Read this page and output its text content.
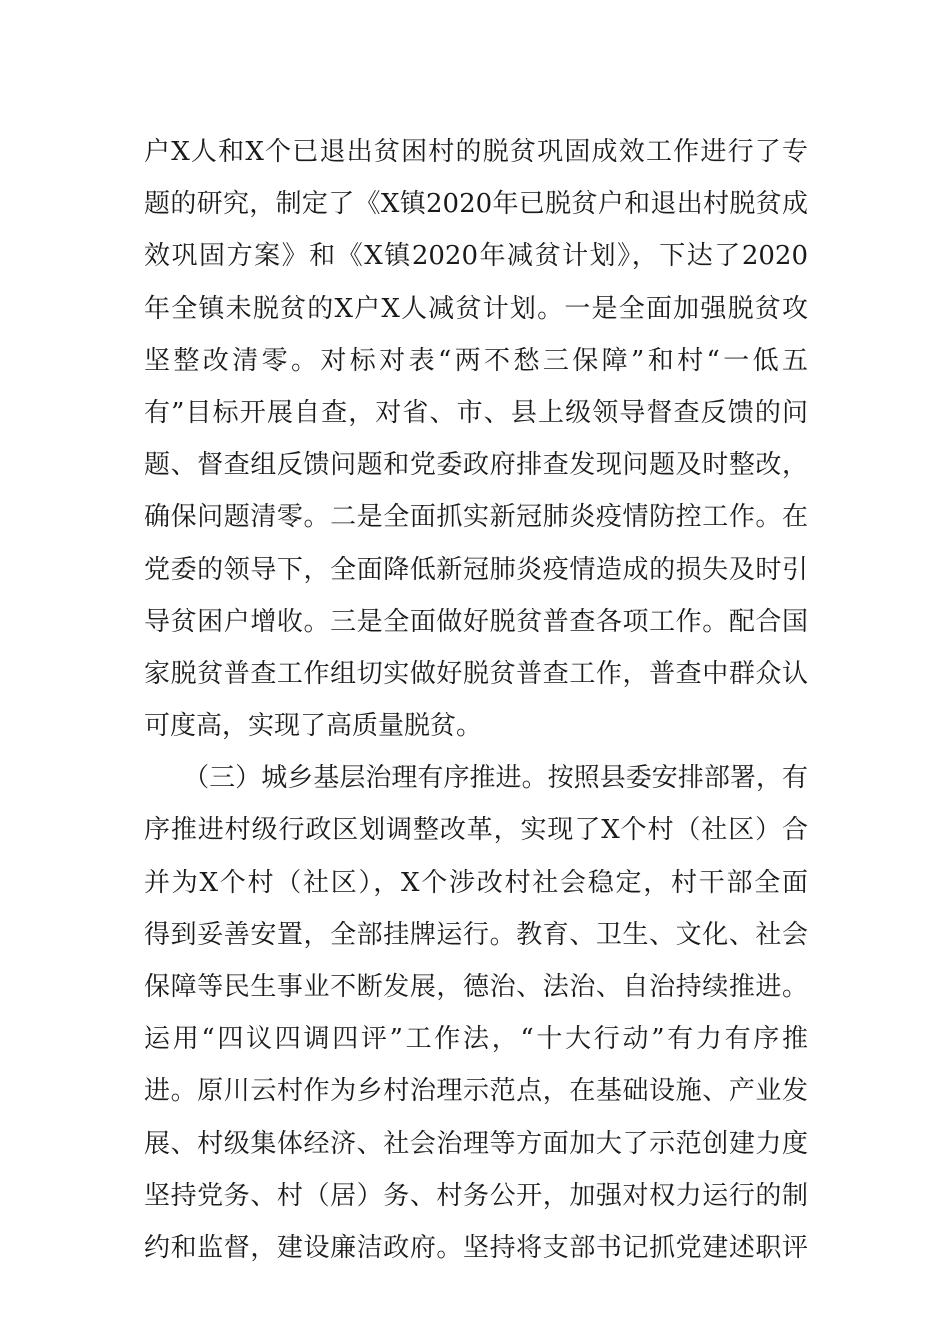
户X人和X个已退出贫困村的脱贫巩固成效工作进行了专
题的研究，制定了《X镇2020年已脱贫户和退出村脱贫成
效巩固方案》和《X镇2020年减贫计划》，下达了2020
年全镇未脱贫的X户X人减贫计划。一是全面加强脱贫攻
坚整改清零。对标对表“两不愁三保障”和村“一低五
有”目标开展自查，对省、市、县上级领导督查反馈的问
题、督查组反馈问题和党委政府排查发现问题及时整改，
确保问题清零。二是全面抓实新冠肺炎疫情防控工作。在
党委的领导下，全面降低新冠肺炎疫情造成的损失及时引
导贫困户增收。三是全面做好脱贫普查各项工作。配合国
家脱贫普查工作组切实做好脱贫普查工作，普查中群众认
可度高，实现了高质量脱贫。
　　（三）城乡基层治理有序推进。按照县委安排部署，有
序推进村级行政区划调整改革，实现了X个村（社区）合
并为X个村（社区），X个涉改村社会稳定，村干部全面
得到妥善安置，全部挂牌运行。教育、卫生、文化、社会
保障等民生事业不断发展，德治、法治、自治持续推进。
运用“四议四调四评”工作法，“十大行动”有力有序推
进。原川云村作为乡村治理示范点，在基础设施、产业发
展、村级集体经济、社会治理等方面加大了示范创建力度
坚持党务、村（居）务、村务公开，加强对权力运行的制
约和监督，建设廉洁政府。坚持将支部书记抓党建述职评
